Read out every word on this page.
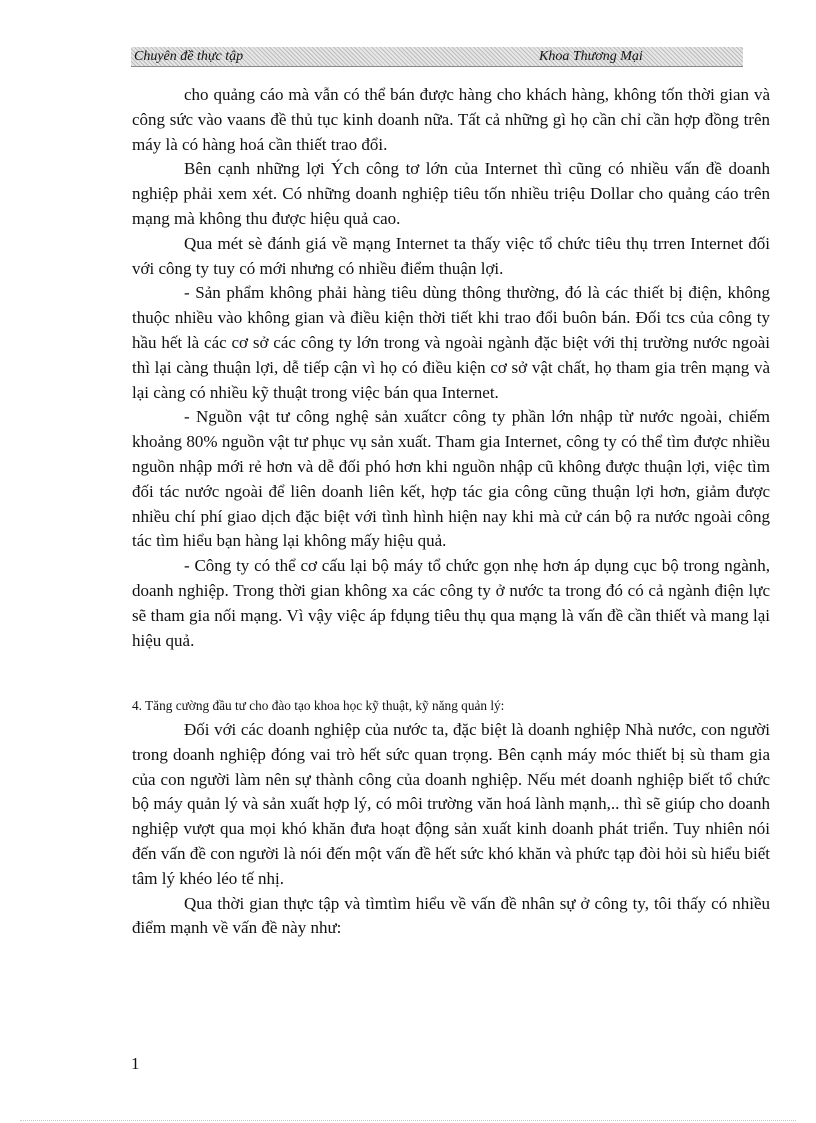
Chuyên đề thực tập	Khoa Thương Mại

cho quảng cáo mà vẫn có thể bán được hàng cho khách hàng, không tốn thời gian và công sức vào vaans đề thủ tục kinh doanh nữa. Tất cả những gì họ cần chỉ cần hợp đồng trên máy là có hàng hoá cần thiết trao đổi.

Bên cạnh những lợi Ých công tơ lớn của Internet thì cũng có nhiều vấn đề doanh nghiệp phải xem xét. Có những doanh nghiệp tiêu tốn nhiều triệu Dollar cho quảng cáo trên mạng mà không thu được hiệu quả cao.

Qua mét sè đánh giá về mạng Internet ta thấy việc tổ chức tiêu thụ trren Internet đối với công ty tuy có mới nhưng có nhiều điểm thuận lợi.

- Sản phẩm không phải hàng tiêu dùng thông thường, đó là các thiết bị điện, không thuộc nhiều vào không gian và điều kiện thời tiết khi trao đổi buôn bán. Đối tcs của công ty hầu hết là các cơ sở các công ty lớn trong và ngoài ngành đặc biệt với thị trường nước ngoài thì lại càng thuận lợi, dễ tiếp cận vì họ có điều kiện cơ sở vật chất, họ tham gia trên mạng và lại càng có nhiều kỹ thuật trong việc bán qua Internet.

- Nguồn vật tư công nghệ sản xuấtcr công ty phần lớn nhập từ nước ngoài, chiếm khoảng 80% nguồn vật tư phục vụ sản xuất. Tham gia Internet, công ty có thể tìm được nhiều nguồn nhập mới rẻ hơn và dễ đối phó hơn khi nguồn nhập cũ không được thuận lợi, việc tìm đối tác nước ngoài để liên doanh liên kết, hợp tác gia công cũng thuận lợi hơn, giảm được nhiều chí phí giao dịch đặc biệt với tình hình hiện nay khi mà cử cán bộ ra nước ngoài công tác tìm hiểu bạn hàng lại không mấy hiệu quả.

- Công ty có thể cơ cấu lại bộ máy tổ chức gọn nhẹ hơn áp dụng cục bộ trong ngành, doanh nghiệp. Trong thời gian không xa các công ty ở nước ta trong đó có cả ngành điện lực sẽ tham gia nối mạng. Vì vậy việc áp fdụng tiêu thụ qua mạng là vấn đề cần thiết và mang lại hiệu quả.

4. Tăng cường đầu tư cho đào tạo khoa học kỹ thuật, kỹ năng quản lý:

Đối với các doanh nghiệp của nước ta, đặc biệt là doanh nghiệp Nhà nước, con người trong doanh nghiệp đóng vai trò hết sức quan trọng. Bên cạnh máy móc thiết bị sù tham gia của con người làm nên sự thành công của doanh nghiệp. Nếu mét doanh nghiệp biết tổ chức bộ máy quản lý và sản xuất hợp lý, có môi trường văn hoá lành mạnh,.. thì sẽ giúp cho doanh nghiệp vượt qua mọi khó khăn đưa hoạt động sản xuất kinh doanh phát triển. Tuy nhiên nói đến vấn đề con người là nói đến một vấn đề hết sức khó khăn và phức tạp đòi hỏi sù hiểu biết tâm lý khéo léo tế nhị.

Qua thời gian thực tập và tìmtìm hiểu về vấn đề nhân sự ở công ty, tôi thấy có nhiều điểm mạnh về vấn đề này như:

1
